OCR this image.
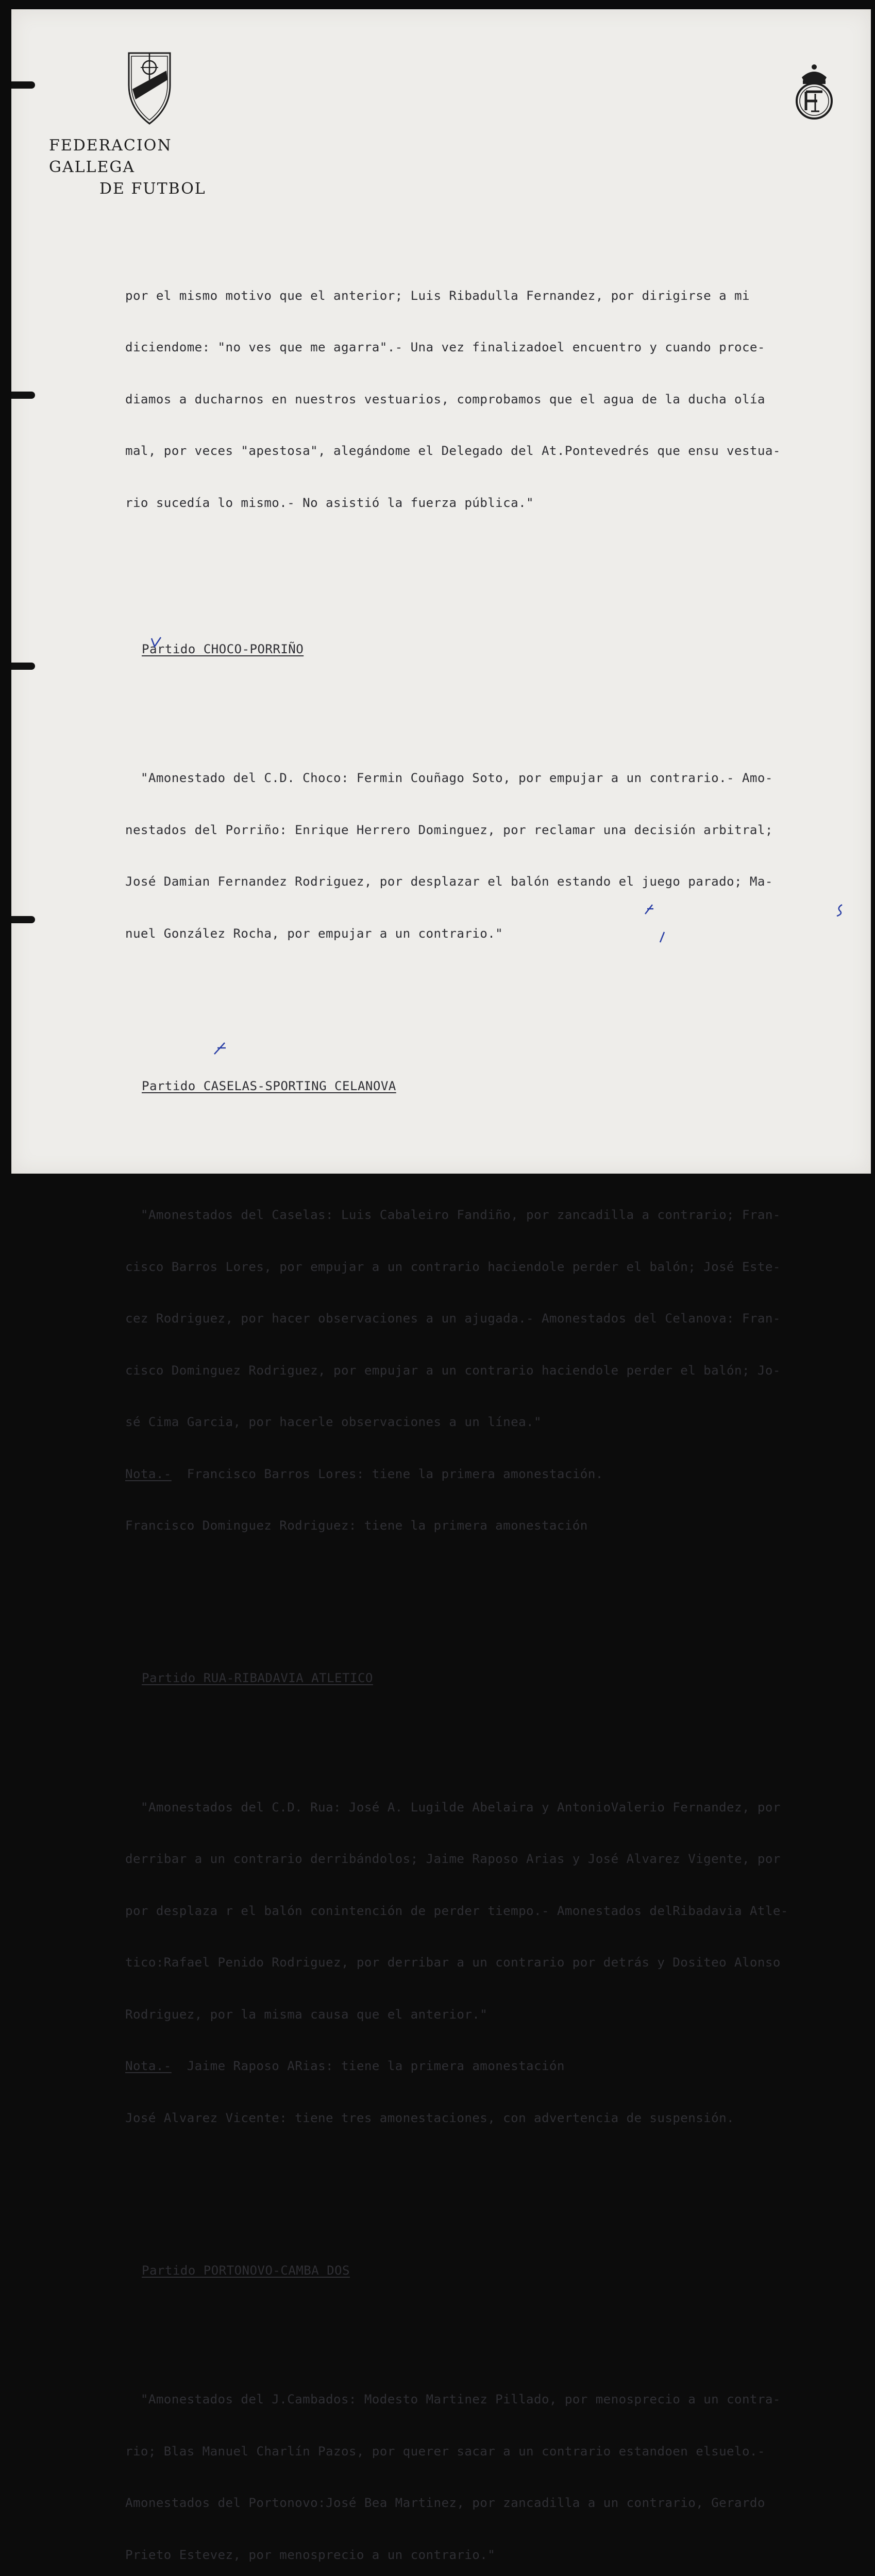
FEDERACION GALLEGA
DE FUTBOL

por el mismo motivo que el anterior; Luis Ribadulla Fernandez, por dirigirse a mi

diciendome: "no ves que me agarra".- Una vez finalizadoel encuentro y cuando proce-

diamos a ducharnos en nuestros vestuarios, comprobamos que el agua de la ducha olía

mal, por veces "apestosa", alegándome el Delegado del At.Pontevedrés que ensu vestua-

rio sucedía lo mismo.- No asistió la fuerza pública."

Partido CHOCO-PORRIÑO

"Amonestado del C.D. Choco: Fermin Couñago Soto, por empujar a un contrario.- Amo-

nestados del Porriño: Enrique Herrero Dominguez, por reclamar una decisión arbitral;

José Damian Fernandez Rodriguez, por desplazar el balón estando el juego parado; Ma-

nuel González Rocha, por empujar a un contrario."

Partido CASELAS-SPORTING CELANOVA

"Amonestados del Caselas: Luis Cabaleiro Fandiño, por zancadilla a contrario; Fran-

cisco Barros Lores, por empujar a un contrario haciendole perder el balón; José Este-

cez Rodriguez, por hacer observaciones a un ajugada.- Amonestados del Celanova: Fran-

cisco Dominguez Rodriguez, por empujar a un contrario haciendole perder el balón; Jo-

sé Cima Garcia, por hacerle observaciones a un línea."

Nota.- Francisco Barros Lores: tiene la primera amonestación.

Francisco Dominguez Rodriguez: tiene la primera amonestación

Partido RUA-RIBADAVIA ATLETICO

"Amonestados del C.D. Rua: José A. Lugilde Abelaira y AntonioValerio Fernandez, por

derribar a un contrario derribándolos; Jaime Raposo Arias y José Alvarez Vigente, por

por desplaza r el balón conintención de perder tiempo.- Amonestados delRibadavia Atle-

tico:Rafael Penido Rodriguez, por derribar a un contrario por detrás y Dositeo Alonso

Rodriguez, por la misma causa que el anterior."

Nota.- Jaime Raposo ARias: tiene la primera amonestación

José Alvarez Vicente: tiene tres amonestaciones, con advertencia de suspensión.

Partido PORTONOVO-CAMBA DOS

"Amonestados del J.Cambados: Modesto Martinez Pillado, por menosprecio a un contra-

rio; Blas Manuel Charlín Pazos, por querer sacar a un contrario estandoen elsuelo.-

Amonestados del Portonovo:José Bea Martinez, por zancadilla a un contrario, Gerardo

Prieto Estevez, por menosprecio a un contrario."
